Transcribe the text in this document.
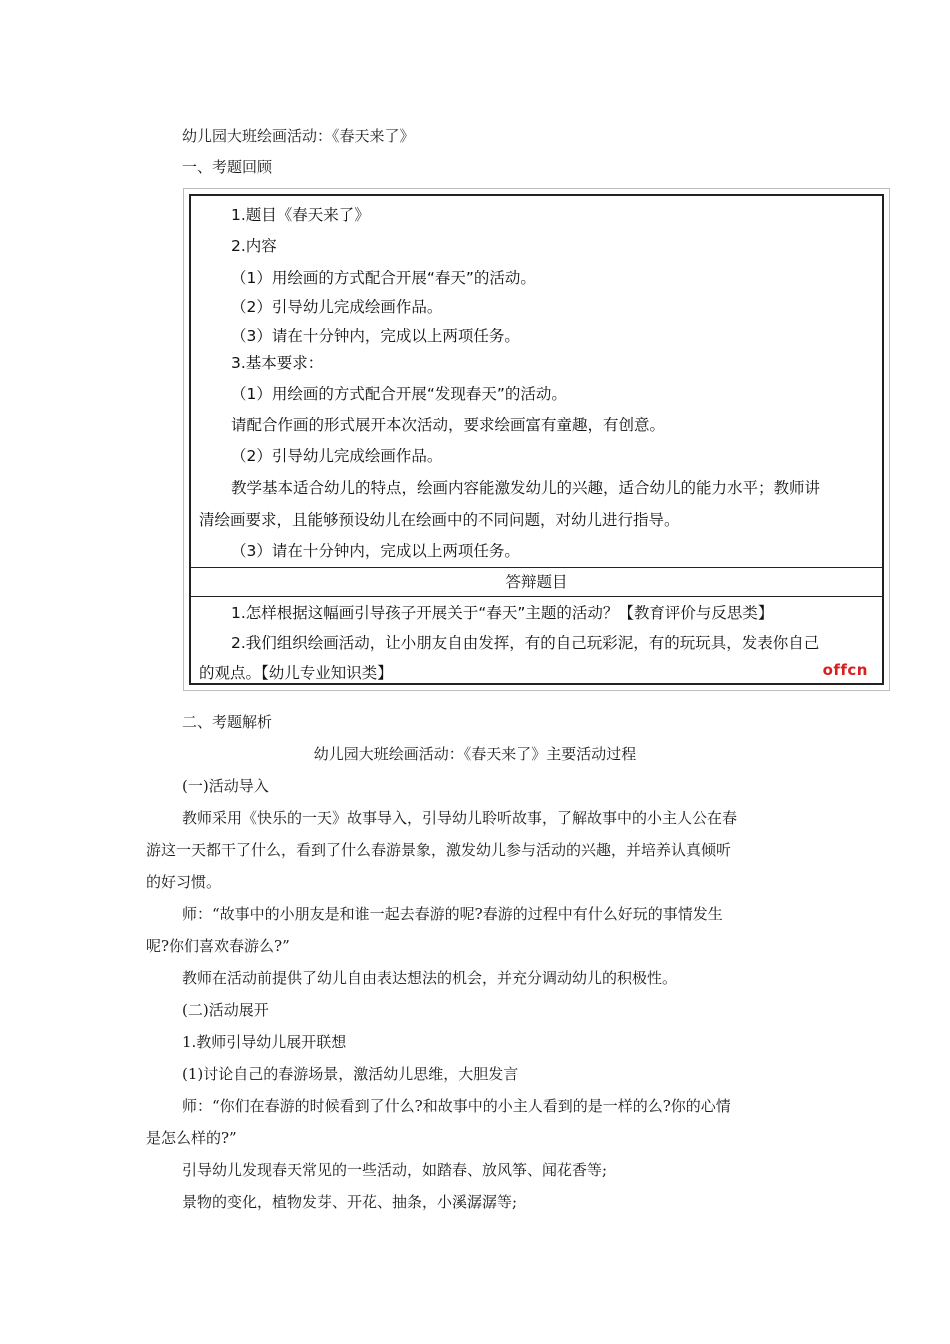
幼儿园大班绘画活动：《春天来了》
一、考题回顾
1.题目《春天来了》
2.内容
（1）用绘画的方式配合开展“春天”的活动。
（2）引导幼儿完成绘画作品。
（3）请在十分钟内，完成以上两项任务。
3.基本要求：
（1）用绘画的方式配合开展“发现春天”的活动。
请配合作画的形式展开本次活动，要求绘画富有童趣，有创意。
（2）引导幼儿完成绘画作品。
教学基本适合幼儿的特点，绘画内容能激发幼儿的兴趣，适合幼儿的能力水平；教师讲
清绘画要求，且能够预设幼儿在绘画中的不同问题，对幼儿进行指导。
（3）请在十分钟内，完成以上两项任务。
答辩题目
1.怎样根据这幅画引导孩子开展关于“春天”主题的活动？【教育评价与反思类】
2.我们组织绘画活动，让小朋友自由发挥，有的自己玩彩泥，有的玩玩具，发表你自己
的观点。【幼儿专业知识类】	offcn
二、考题解析
幼儿园大班绘画活动：《春天来了》主要活动过程
(一)活动导入
教师采用《快乐的一天》故事导入，引导幼儿聆听故事，了解故事中的小主人公在春
游这一天都干了什么，看到了什么春游景象，激发幼儿参与活动的兴趣，并培养认真倾听
的好习惯。
师：“故事中的小朋友是和谁一起去春游的呢?春游的过程中有什么好玩的事情发生
呢?你们喜欢春游么?”
教师在活动前提供了幼儿自由表达想法的机会，并充分调动幼儿的积极性。
(二)活动展开
1.教师引导幼儿展开联想
(1)讨论自己的春游场景，激活幼儿思维，大胆发言
师：“你们在春游的时候看到了什么?和故事中的小主人看到的是一样的么?你的心情
是怎么样的?”
引导幼儿发现春天常见的一些活动，如踏春、放风筝、闻花香等;
景物的变化，植物发芽、开花、抽条，小溪潺潺等;
